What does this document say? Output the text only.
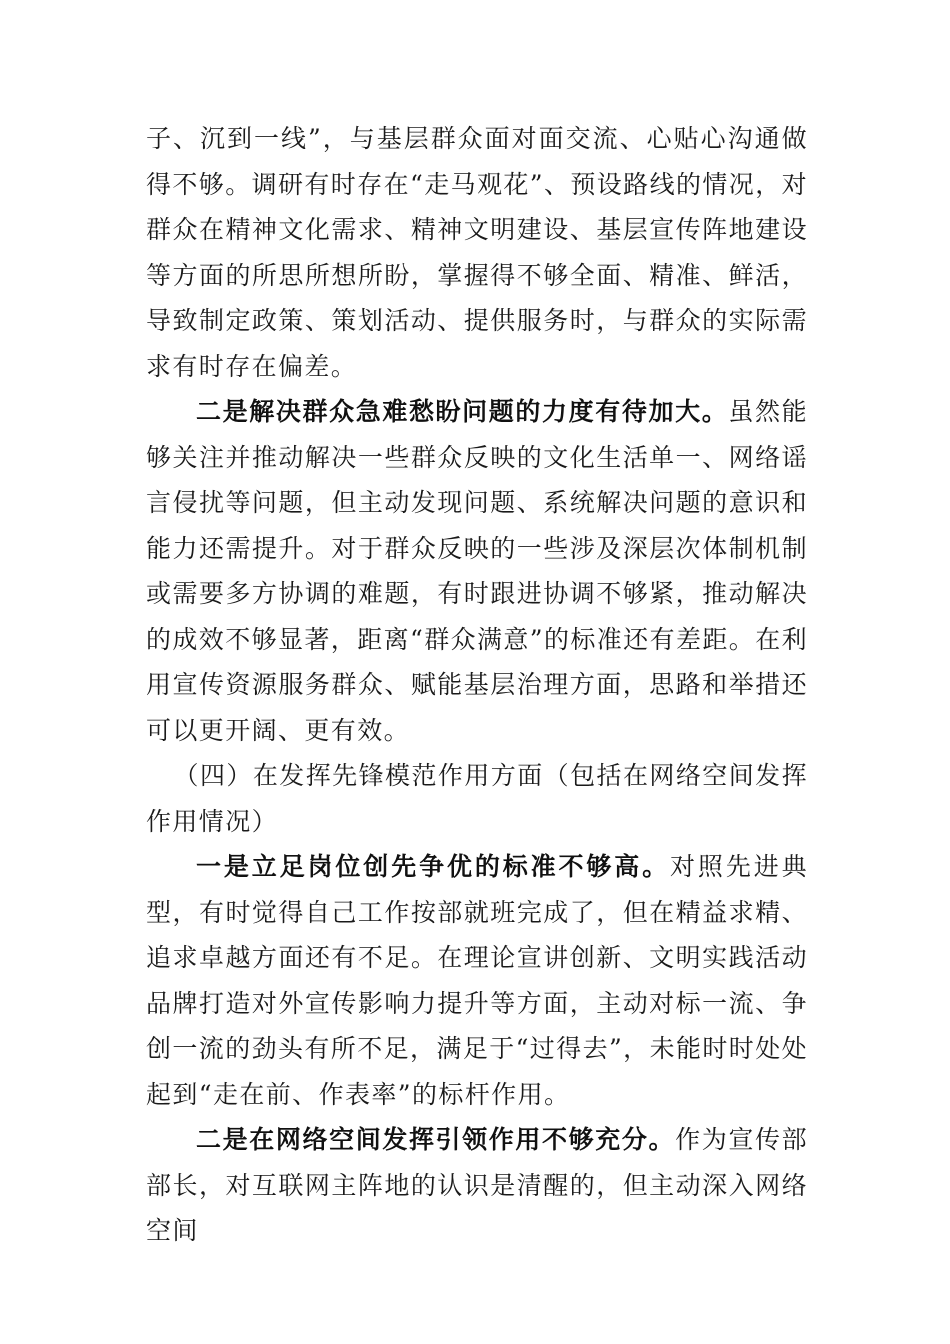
子、沉到一线”，与基层群众面对面交流、心贴心沟通做得不够。调研有时存在“走马观花”、预设路线的情况，对群众在精神文化需求、精神文明建设、基层宣传阵地建设等方面的所思所想所盼，掌握得不够全面、精准、鲜活，导致制定政策、策划活动、提供服务时，与群众的实际需求有时存在偏差。

二是解决群众急难愁盼问题的力度有待加大。虽然能够关注并推动解决一些群众反映的文化生活单一、网络谣言侵扰等问题，但主动发现问题、系统解决问题的意识和能力还需提升。对于群众反映的一些涉及深层次体制机制或需要多方协调的难题，有时跟进协调不够紧，推动解决的成效不够显著，距离“群众满意”的标准还有差距。在利用宣传资源服务群众、赋能基层治理方面，思路和举措还可以更开阔、更有效。

（四）在发挥先锋模范作用方面（包括在网络空间发挥作用情况）

一是立足岗位创先争优的标准不够高。对照先进典型，有时觉得自己工作按部就班完成了，但在精益求精、追求卓越方面还有不足。在理论宣讲创新、文明实践活动品牌打造对外宣传影响力提升等方面，主动对标一流、争创一流的劲头有所不足，满足于“过得去”，未能时时处处起到“走在前、作表率”的标杆作用。

二是在网络空间发挥引领作用不够充分。作为宣传部部长，对互联网主阵地的认识是清醒的，但主动深入网络空间
